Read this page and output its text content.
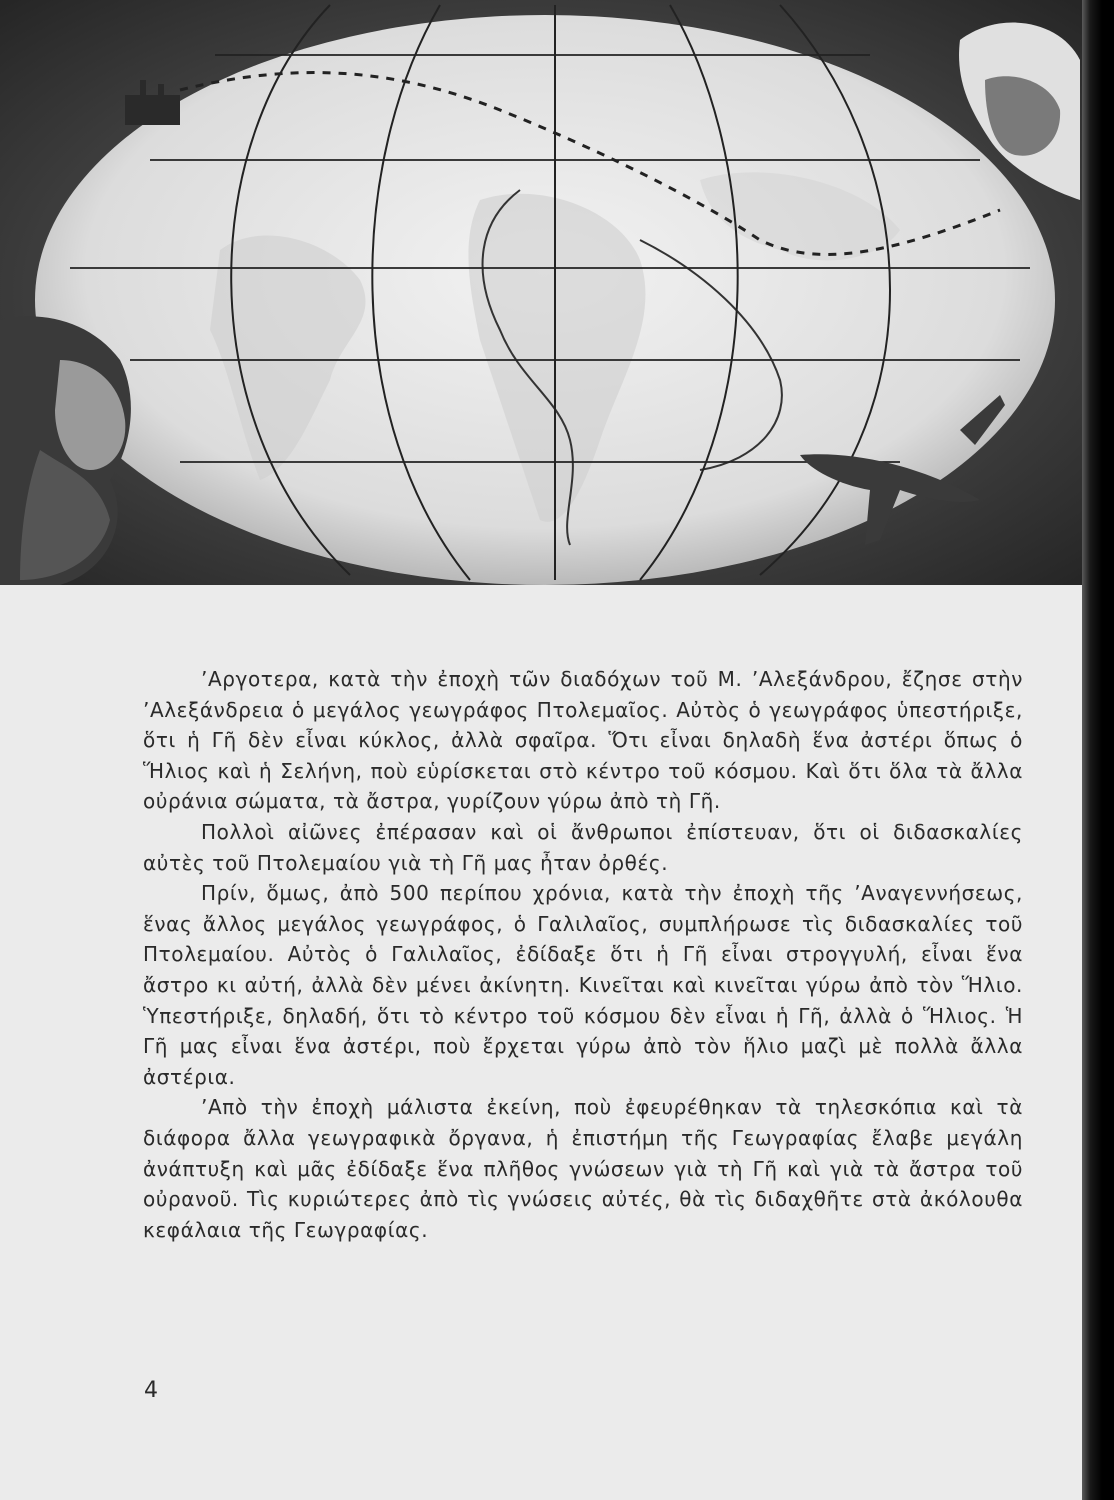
’Αργοτερα, κατὰ τὴν ἐποχὴ τῶν διαδόχων τοῦ Μ. ’Αλεξάνδρου, ἔζησε στὴν ’Αλεξάνδρεια ὁ μεγάλος γεωγράφος Πτολεμαῖος. Αὐτὸς ὁ γεωγράφος ὑπεστήριξε, ὅτι ἡ Γῆ δὲν εἶναι κύκλος, ἀλλὰ σφαῖρα. Ὅτι εἶναι δηλαδὴ ἕνα ἀστέρι ὅπως ὁ Ἥλιος καὶ ἡ Σελήνη, ποὺ εὑρίσκεται στὸ κέντρο τοῦ κόσμου. Καὶ ὅτι ὅλα τὰ ἄλλα οὐράνια σώματα, τὰ ἄστρα, γυρίζουν γύρω ἀπὸ τὴ Γῆ.

Πολλοὶ αἰῶνες ἐπέρασαν καὶ οἱ ἄνθρωποι ἐπίστευαν, ὅτι οἱ διδασκαλίες αὐτὲς τοῦ Πτολεμαίου γιὰ τὴ Γῆ μας ἦταν ὀρθές.

Πρίν, ὅμως, ἀπὸ 500 περίπου χρόνια, κατὰ τὴν ἐποχὴ τῆς ’Αναγεννήσεως, ἕνας ἄλλος μεγάλος γεωγράφος, ὁ Γαλιλαῖος, συμπλήρωσε τὶς διδασκαλίες τοῦ Πτολεμαίου. Αὐτὸς ὁ Γαλιλαῖος, ἐδίδαξε ὅτι ἡ Γῆ εἶναι στρογγυλή, εἶναι ἕνα ἄστρο κι αὐτή, ἀλλὰ δὲν μένει ἀκίνητη. Κινεῖται καὶ κινεῖται γύρω ἀπὸ τὸν Ἥλιο. Ὑπεστήριξε, δηλαδή, ὅτι τὸ κέντρο τοῦ κόσμου δὲν εἶναι ἡ Γῆ, ἀλλὰ ὁ Ἥλιος. Ἡ Γῆ μας εἶναι ἕνα ἀστέρι, ποὺ ἔρχεται γύρω ἀπὸ τὸν ἥλιο μαζὶ μὲ πολλὰ ἄλλα ἀστέρια.

’Απὸ τὴν ἐποχὴ μάλιστα ἐκείνη, ποὺ ἐφευρέθηκαν τὰ τηλεσκόπια καὶ τὰ διάφορα ἄλλα γεωγραφικὰ ὄργανα, ἡ ἐπιστήμη τῆς Γεωγραφίας ἔλαβε μεγάλη ἀνάπτυξη καὶ μᾶς ἐδίδαξε ἕνα πλῆθος γνώσεων γιὰ τὴ Γῆ καὶ γιὰ τὰ ἄστρα τοῦ οὐρανοῦ. Τὶς κυριώτερες ἀπὸ τὶς γνώσεις αὐτές, θὰ τὶς διδαχθῆτε στὰ ἀκόλουθα κεφάλαια τῆς Γεωγραφίας.

4
